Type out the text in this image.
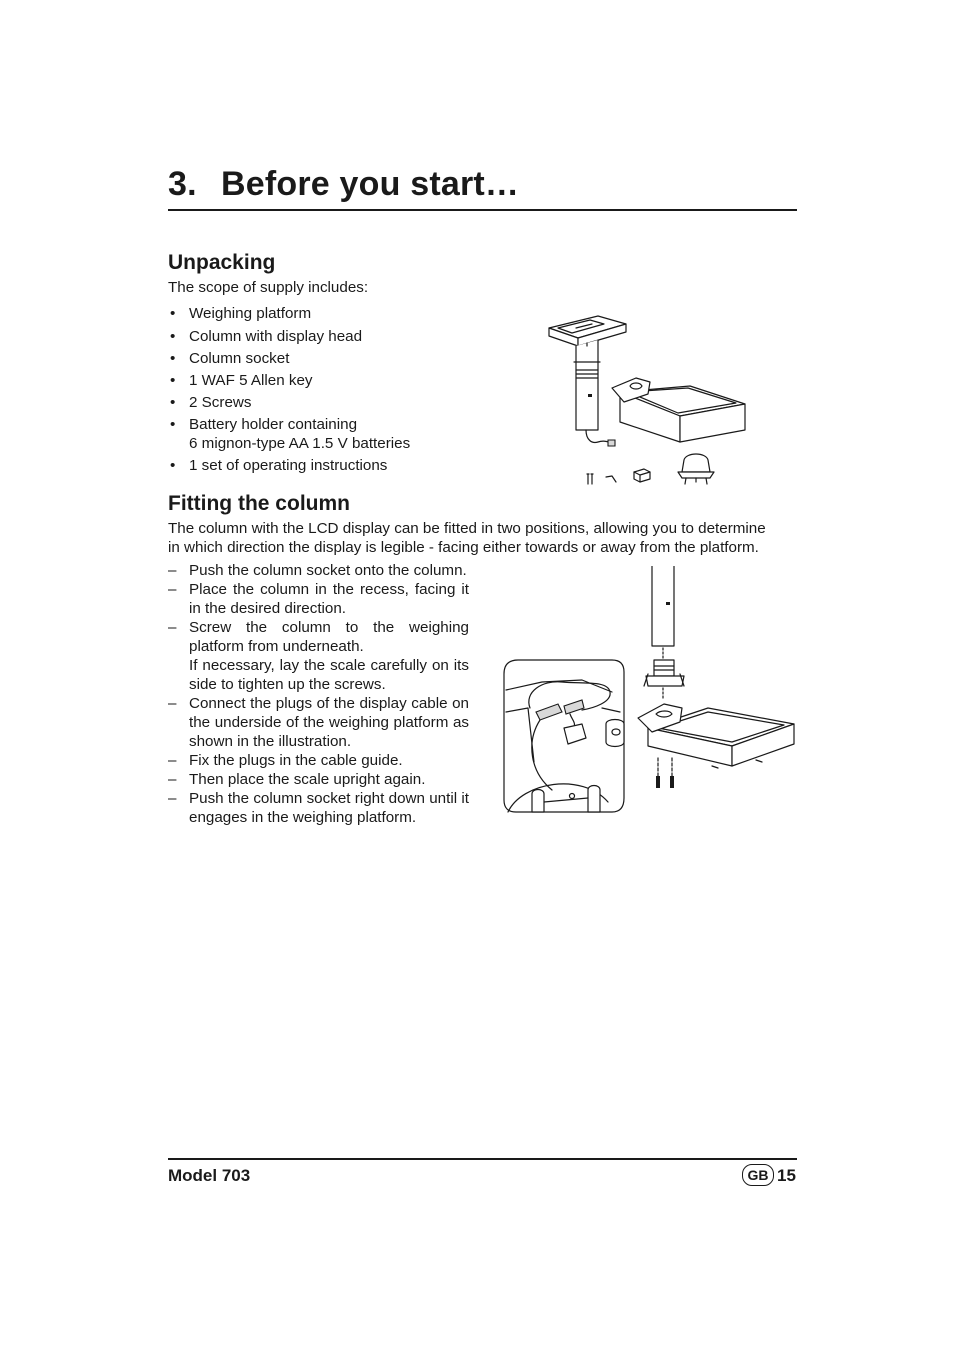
3. Before you start…
Unpacking
The scope of supply includes:
• Weighing platform
• Column with display head
• Column socket
• 1 WAF 5 Allen key
• 2 Screws
• Battery holder containing
6 mignon-type AA 1.5 V batteries
• 1 set of operating instructions
Fitting the column
The column with the LCD display can be fitted in two positions, allowing you to determine
in which direction the display is legible - facing either towards or away from the platform.
– Push the column socket onto the column.
– Place the column in the recess, facing it in the desired direction.
– Screw the column to the weighing platform from underneath.
If necessary, lay the scale carefully on its side to tighten up the screws.
– Connect the plugs of the display cable on the underside of the weighing platform as shown in the illustration.
– Fix the plugs in the cable guide.
– Then place the scale upright again.
– Push the column socket right down until it engages in the weighing platform.
Model 703	GB 15
